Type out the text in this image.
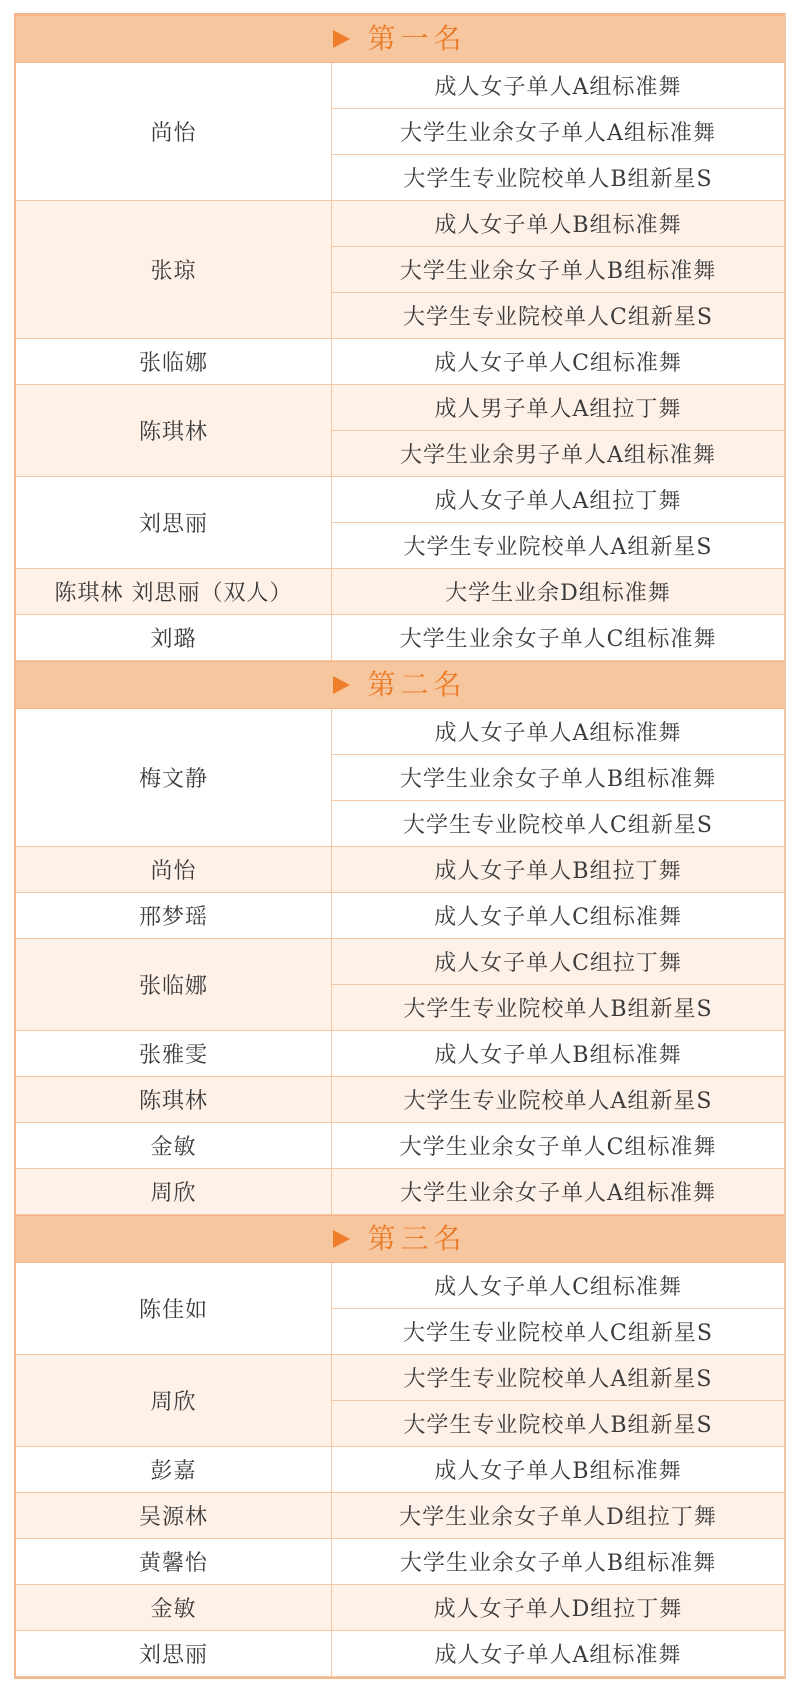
第一名
尚怡
成人女子单人A组标准舞
大学生业余女子单人A组标准舞
大学生专业院校单人B组新星S
张琼
成人女子单人B组标准舞
大学生业余女子单人B组标准舞
大学生专业院校单人C组新星S
张临娜	成人女子单人C组标准舞
陈琪林
成人男子单人A组拉丁舞
大学生业余男子单人A组标准舞
刘思丽
成人女子单人A组拉丁舞
大学生专业院校单人A组新星S
陈琪林 刘思丽（双人）	大学生业余D组标准舞
刘璐	大学生业余女子单人C组标准舞
第二名
梅文静
成人女子单人A组标准舞
大学生业余女子单人B组标准舞
大学生专业院校单人C组新星S
尚怡	成人女子单人B组拉丁舞
邢梦瑶	成人女子单人C组标准舞
张临娜
成人女子单人C组拉丁舞
大学生专业院校单人B组新星S
张雅雯	成人女子单人B组标准舞
陈琪林	大学生专业院校单人A组新星S
金敏	大学生业余女子单人C组标准舞
周欣	大学生业余女子单人A组标准舞
第三名
陈佳如
成人女子单人C组标准舞
大学生专业院校单人C组新星S
周欣
大学生专业院校单人A组新星S
大学生专业院校单人B组新星S
彭嘉	成人女子单人B组标准舞
吴源林	大学生业余女子单人D组拉丁舞
黄馨怡	大学生业余女子单人B组标准舞
金敏	成人女子单人D组拉丁舞
刘思丽	成人女子单人A组标准舞
